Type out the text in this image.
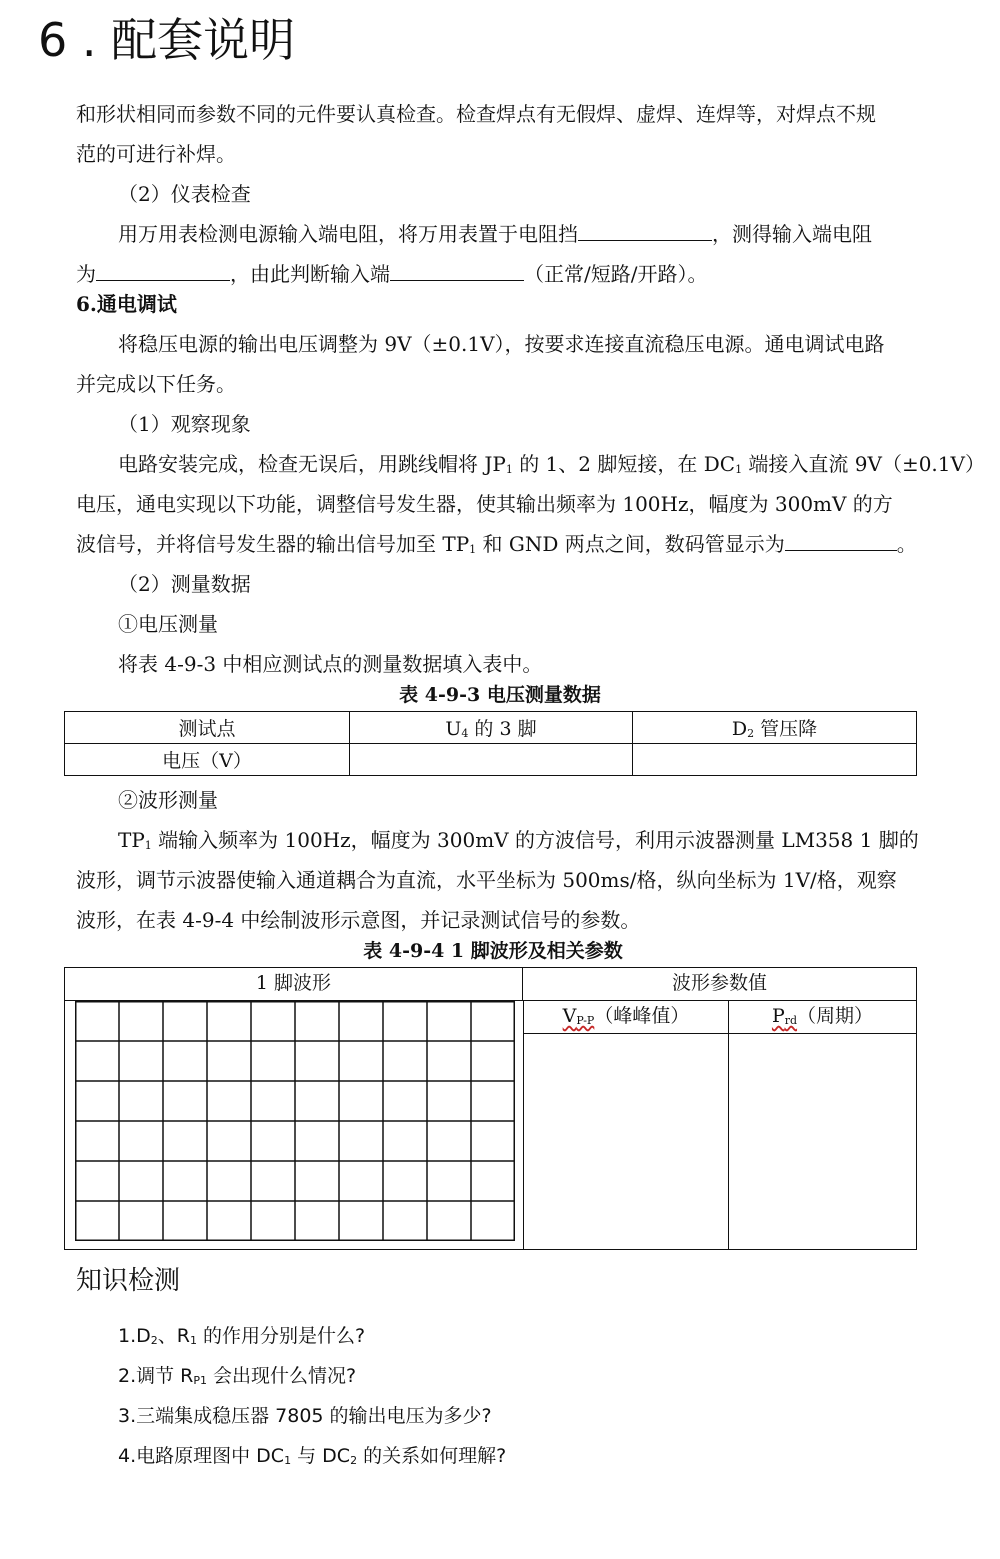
6 . 配套说明
和形状相同而参数不同的元件要认真检查。检查焊点有无假焊、虚焊、连焊等，对焊点不规
范的可进行补焊。
（2）仪表检查
用万用表检测电源输入端电阻，将万用表置于电阻挡	，测得输入端电阻
为	，由此判断输入端	（正常/短路/开路）。
6.通电调试
将稳压电源的输出电压调整为 9V（±0.1V），按要求连接直流稳压电源。通电调试电路
并完成以下任务。
（1）观察现象
电路安装完成，检查无误后，用跳线帽将 $JP_1$ 的 1、2 脚短接，在 $DC_1$ 端接入直流 9V（±0.1V）
电压，通电实现以下功能，调整信号发生器，使其输出频率为 100Hz，幅度为 300mV 的方
波信号，并将信号发生器的输出信号加至 $TP_1$ 和 GND 两点之间，数码管显示为	。
（2）测量数据
①电压测量
将表 4-9-3 中相应测试点的测量数据填入表中。
表 4-9-3 电压测量数据
测试点	$U_4$ 的 3 脚	$D_2$ 管压降
电压（V）		
②波形测量
$TP_1$ 端输入频率为 100Hz，幅度为 300mV 的方波信号，利用示波器测量 LM358 1 脚的
波形，调节示波器使输入通道耦合为直流，水平坐标为 500ms/格，纵向坐标为 1V/格，观察
波形，在表 4-9-4 中绘制波形示意图，并记录测试信号的参数。
表 4-9-4 1 脚波形及相关参数
1 脚波形	波形参数值
$V_{P-P}$（峰峰值）	$P_{rd}$（周期）
知识检测
$1.D_2$、$R_1$ 的作用分别是什么?
2.调节 $R_{P1}$ 会出现什么情况?
3.三端集成稳压器 7805 的输出电压为多少?
4.电路原理图中 $DC_1$ 与 $DC_2$ 的关系如何理解?
